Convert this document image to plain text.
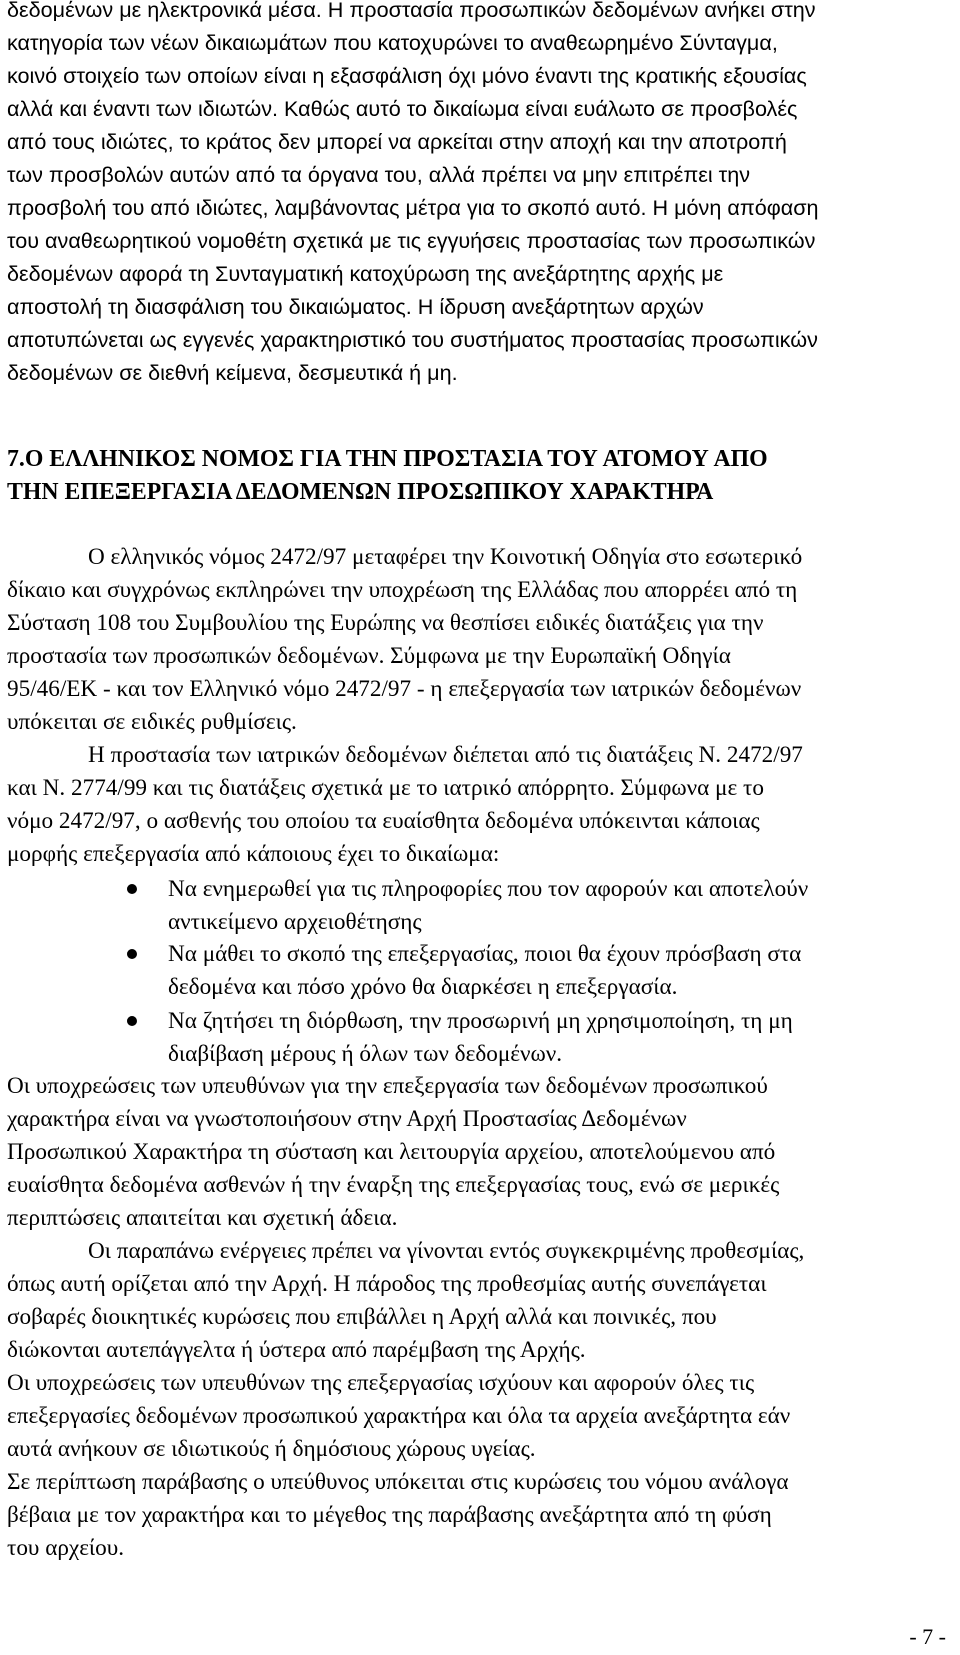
δεδομένων με ηλεκτρονικά μέσα. Η προστασία προσωπικών δεδομένων ανήκει στην
κατηγορία των νέων δικαιωμάτων που κατοχυρώνει το αναθεωρημένο Σύνταγμα,
κοινό στοιχείο των οποίων είναι η εξασφάλιση όχι μόνο έναντι της κρατικής εξουσίας
αλλά και έναντι των ιδιωτών. Καθώς αυτό το δικαίωμα είναι ευάλωτο σε προσβολές
από τους ιδιώτες, το κράτος δεν μπορεί να αρκείται στην αποχή και την αποτροπή
των προσβολών αυτών από τα όργανα του, αλλά πρέπει να μην επιτρέπει την
προσβολή του από ιδιώτες, λαμβάνοντας μέτρα για το σκοπό αυτό. Η μόνη απόφαση
του αναθεωρητικού νομοθέτη σχετικά με τις εγγυήσεις προστασίας των προσωπικών
δεδομένων αφορά τη Συνταγματική κατοχύρωση της ανεξάρτητης αρχής με
αποστολή τη διασφάλιση του δικαιώματος. Η ίδρυση ανεξάρτητων αρχών
αποτυπώνεται ως εγγενές χαρακτηριστικό του συστήματος προστασίας προσωπικών
δεδομένων σε διεθνή κείμενα, δεσμευτικά ή μη.
7.Ο ΕΛΛΗΝΙΚΟΣ ΝΟΜΟΣ ΓΙΑ ΤΗΝ ΠΡΟΣΤΑΣΙΑ ΤΟΥ ΑΤΟΜΟΥ ΑΠΟ
ΤΗΝ ΕΠΕΞΕΡΓΑΣΙΑ ΔΕΔΟΜΕΝΩΝ ΠΡΟΣΩΠΙΚΟΥ ΧΑΡΑΚΤΗΡΑ
Ο ελληνικός νόμος 2472/97 μεταφέρει την Κοινοτική Οδηγία στο εσωτερικό
δίκαιο και συγχρόνως εκπληρώνει την υποχρέωση της Ελλάδας που απορρέει από τη
Σύσταση 108 του Συμβουλίου της Ευρώπης να θεσπίσει ειδικές διατάξεις για την
προστασία των προσωπικών δεδομένων. Σύμφωνα με την Ευρωπαϊκή Οδηγία
95/46/ΕΚ - και τον Ελληνικό νόμο 2472/97 - η επεξεργασία των ιατρικών δεδομένων
υπόκειται σε ειδικές ρυθμίσεις.
Η προστασία των ιατρικών δεδομένων διέπεται από τις διατάξεις Ν. 2472/97
και Ν. 2774/99 και τις διατάξεις σχετικά με το ιατρικό απόρρητο. Σύμφωνα με το
νόμο 2472/97, ο ασθενής του οποίου τα ευαίσθητα δεδομένα υπόκεινται κάποιας
μορφής επεξεργασία από κάποιους έχει το δικαίωμα:
Να ενημερωθεί για τις πληροφορίες που τον αφορούν και αποτελούν
αντικείμενο αρχειοθέτησης
Να μάθει το σκοπό της επεξεργασίας, ποιοι θα έχουν πρόσβαση στα
δεδομένα και πόσο χρόνο θα διαρκέσει η επεξεργασία.
Να ζητήσει τη διόρθωση, την προσωρινή μη χρησιμοποίηση, τη μη
διαβίβαση μέρους ή όλων των δεδομένων.
Οι υποχρεώσεις των υπευθύνων για την επεξεργασία των δεδομένων προσωπικού
χαρακτήρα είναι να γνωστοποιήσουν στην Αρχή Προστασίας Δεδομένων
Προσωπικού Χαρακτήρα τη σύσταση και λειτουργία αρχείου, αποτελούμενου από
ευαίσθητα δεδομένα ασθενών ή την έναρξη της επεξεργασίας τους, ενώ σε μερικές
περιπτώσεις απαιτείται και σχετική άδεια.
Οι παραπάνω ενέργειες πρέπει να γίνονται εντός συγκεκριμένης προθεσμίας,
όπως αυτή ορίζεται από την Αρχή. Η πάροδος της προθεσμίας αυτής συνεπάγεται
σοβαρές διοικητικές κυρώσεις που επιβάλλει η Αρχή αλλά και ποινικές, που
διώκονται αυτεπάγγελτα ή ύστερα από παρέμβαση της Αρχής.
Οι υποχρεώσεις των υπευθύνων της επεξεργασίας ισχύουν και αφορούν όλες τις
επεξεργασίες δεδομένων προσωπικού χαρακτήρα και όλα τα αρχεία ανεξάρτητα εάν
αυτά ανήκουν σε ιδιωτικούς ή δημόσιους χώρους υγείας.
Σε περίπτωση παράβασης ο υπεύθυνος υπόκειται στις κυρώσεις του νόμου ανάλογα
βέβαια με τον χαρακτήρα και το μέγεθος της παράβασης ανεξάρτητα από τη φύση
του αρχείου.
- 7 -
